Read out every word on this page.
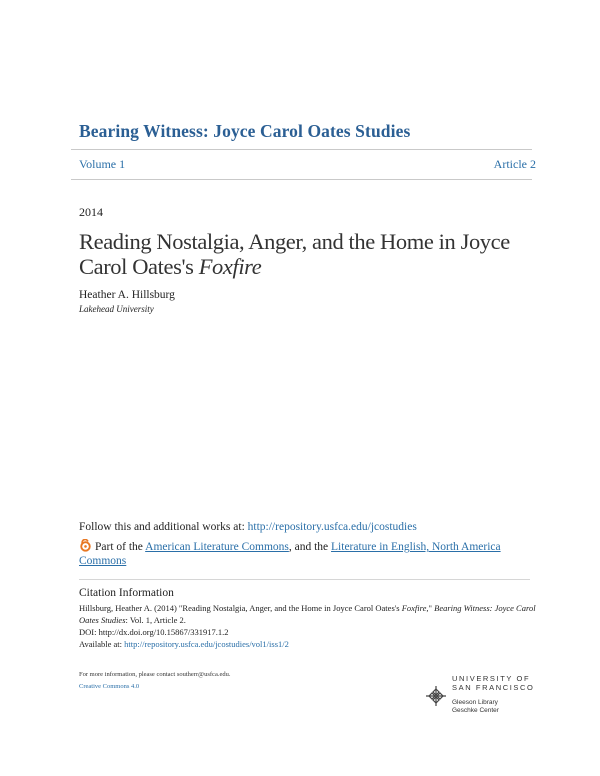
Bearing Witness: Joyce Carol Oates Studies
Volume 1	Article 2
2014
Reading Nostalgia, Anger, and the Home in Joyce
Carol Oates's Foxfire
Heather A. Hillsburg
Lakehead University
Follow this and additional works at: http://repository.usfca.edu/jcostudies
Part of the American Literature Commons, and the Literature in English, North America Commons
Citation Information
Hillsburg, Heather A. (2014) "Reading Nostalgia, Anger, and the Home in Joyce Carol Oates's Foxfire," Bearing Witness: Joyce Carol Oates Studies: Vol. 1, Article 2.
DOI: http://dx.doi.org/10.15867/331917.1.2
Available at: http://repository.usfca.edu/jcostudies/vol1/iss1/2
For more information, please contact southerr@usfca.edu.
Creative Commons 4.0
UNIVERSITY OF
SAN FRANCISCO
Gleeson Library
Geschke Center
